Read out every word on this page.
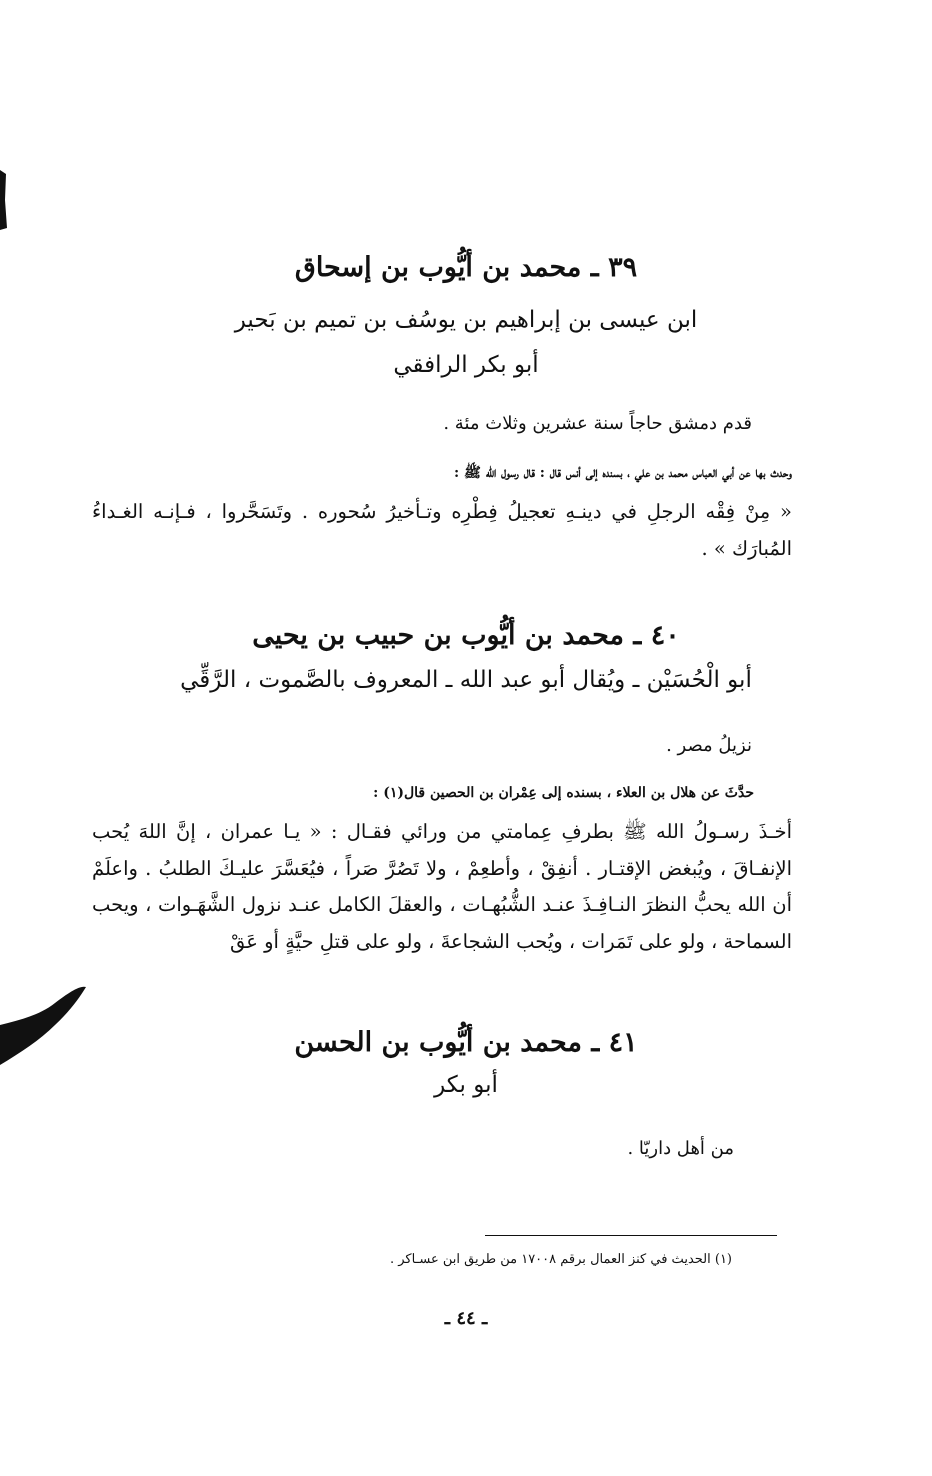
٣٩ ـ محمد بن أيُّوب بن إسحاق
ابن عيسى بن إبراهيم بن يوسُف بن تميم بن بَحير
أبو بكر الرافقي
قدم دمشق حاجاً سنة عشرين وثلاث مئة .
وحدث بها عن أبي العباس محمد بن علي ، بسنده إلى أنس قال : قال رسول الله ﷺ :
« مِنْ فِقْه الرجلِ في دينـهِ تعجيلُ فِطْرِه وتـأخيرُ سُحوره . وتَسَحَّروا ، فـإنـه الغـداءُ
المُبارَك » .
٤٠ ـ محمد بن أيُّوب بن حبيب بن يحيى
أبو الْحُسَيْن ـ ويُقال أبو عبد الله ـ المعروف بالصَّموت ، الرَّقِّي
نزيلُ مصر .
حدَّثَ عن هلال بن العلاء ، بسنده إلى عِمْران بن الحصين قال(١) :
أخـذَ رسـولُ الله ﷺ بطرفِ عِمامتي من ورائي فقـال : « يـا عمران ، إنَّ اللهَ يُحب
الإنفـاقَ ، ويُبغض الإقتـار . أنفِقْ ، وأطعِمْ ، ولا تَصُرَّ صَراً ، فيُعَسَّرَ عليـكَ الطلبُ . واعلَمْ
أن الله يحبُّ النظرَ النـافِـذَ عنـد الشُّبُهـات ، والعقلَ الكامل عنـد نزول الشَّهَـوات ، ويحب
السماحة ، ولو على تَمَرات ، ويُحب الشجاعةَ ، ولو على قتلِ حيَّةٍ أو عَقْ
٤١ ـ محمد بن أيُّوب بن الحسن
أبو بكر
من أهل داريّا .
(١) الحديث في كنز العمال برقم ١٧٠٠٨ من طريق ابن عسـاكر .
ـ ٤٤ ـ
